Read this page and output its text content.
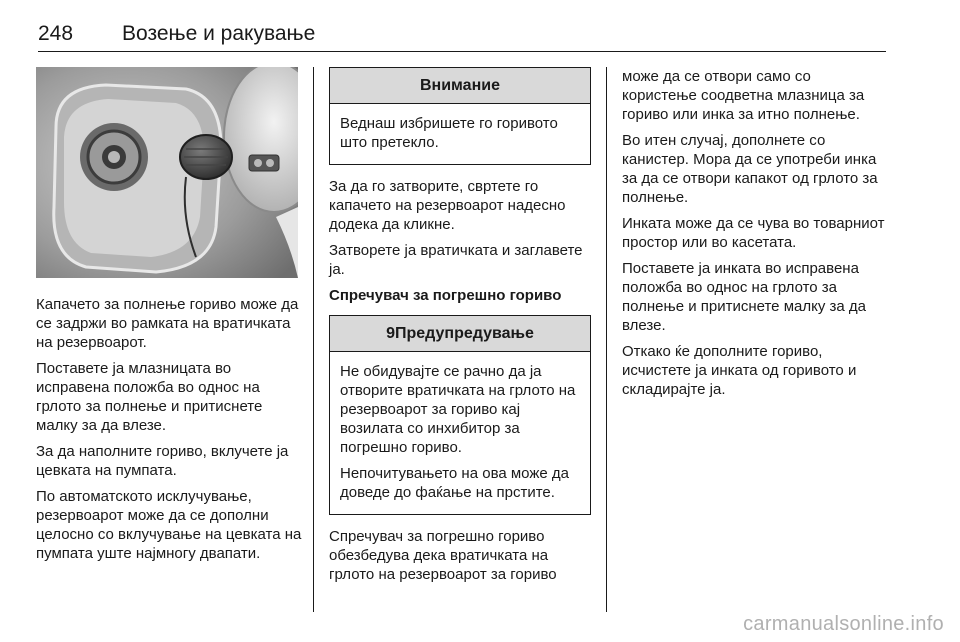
248 Возење и ракување

Капачето за полнење гориво може да се задржи во рамката на вратичката на резервоарот.

Поставете ја млазницата во исправена положба во однос на грлото за полнење и притиснете малку за да влезе.

За да наполните гориво, вклучете ја цевката на пумпата.

По автоматското исклучување, резервоарот може да се дополни целосно со вклучување на цевката на пумпата уште најмногу двапати.

Внимание

Веднаш избришете го горивото што претекло.

За да го затворите, свртете го капачето на резервоарот надесно додека да кликне.

Затворете ја вратичката и заглавете ја.

Спречувач за погрешно гориво
9Предупредување

Не обидувајте се рачно да ја отворите вратичката на грлото на резервоарот за гориво кај возилата со инхибитор за погрешно гориво.

Непочитувањето на ова може да доведе до фаќање на прстите.

Спречувач за погрешно гориво обезбедува дека вратичката на грлото на резервоарот за гориво

може да се отвори само со користење соодветна млазница за гориво или инка за итно полнење.

Во итен случај, дополнете со канистер. Мора да се употреби инка за да се отвори капакот од грлото за полнење.

Инката може да се чува во товарниот простор или во касетата.

Поставете ја инката во исправена положба во однос на грлото за полнење и притиснете малку за да влезе.

Откако ќе дополните гориво, исчистете ја инката од горивото и складирајте ја.

carmanualsonline.info
